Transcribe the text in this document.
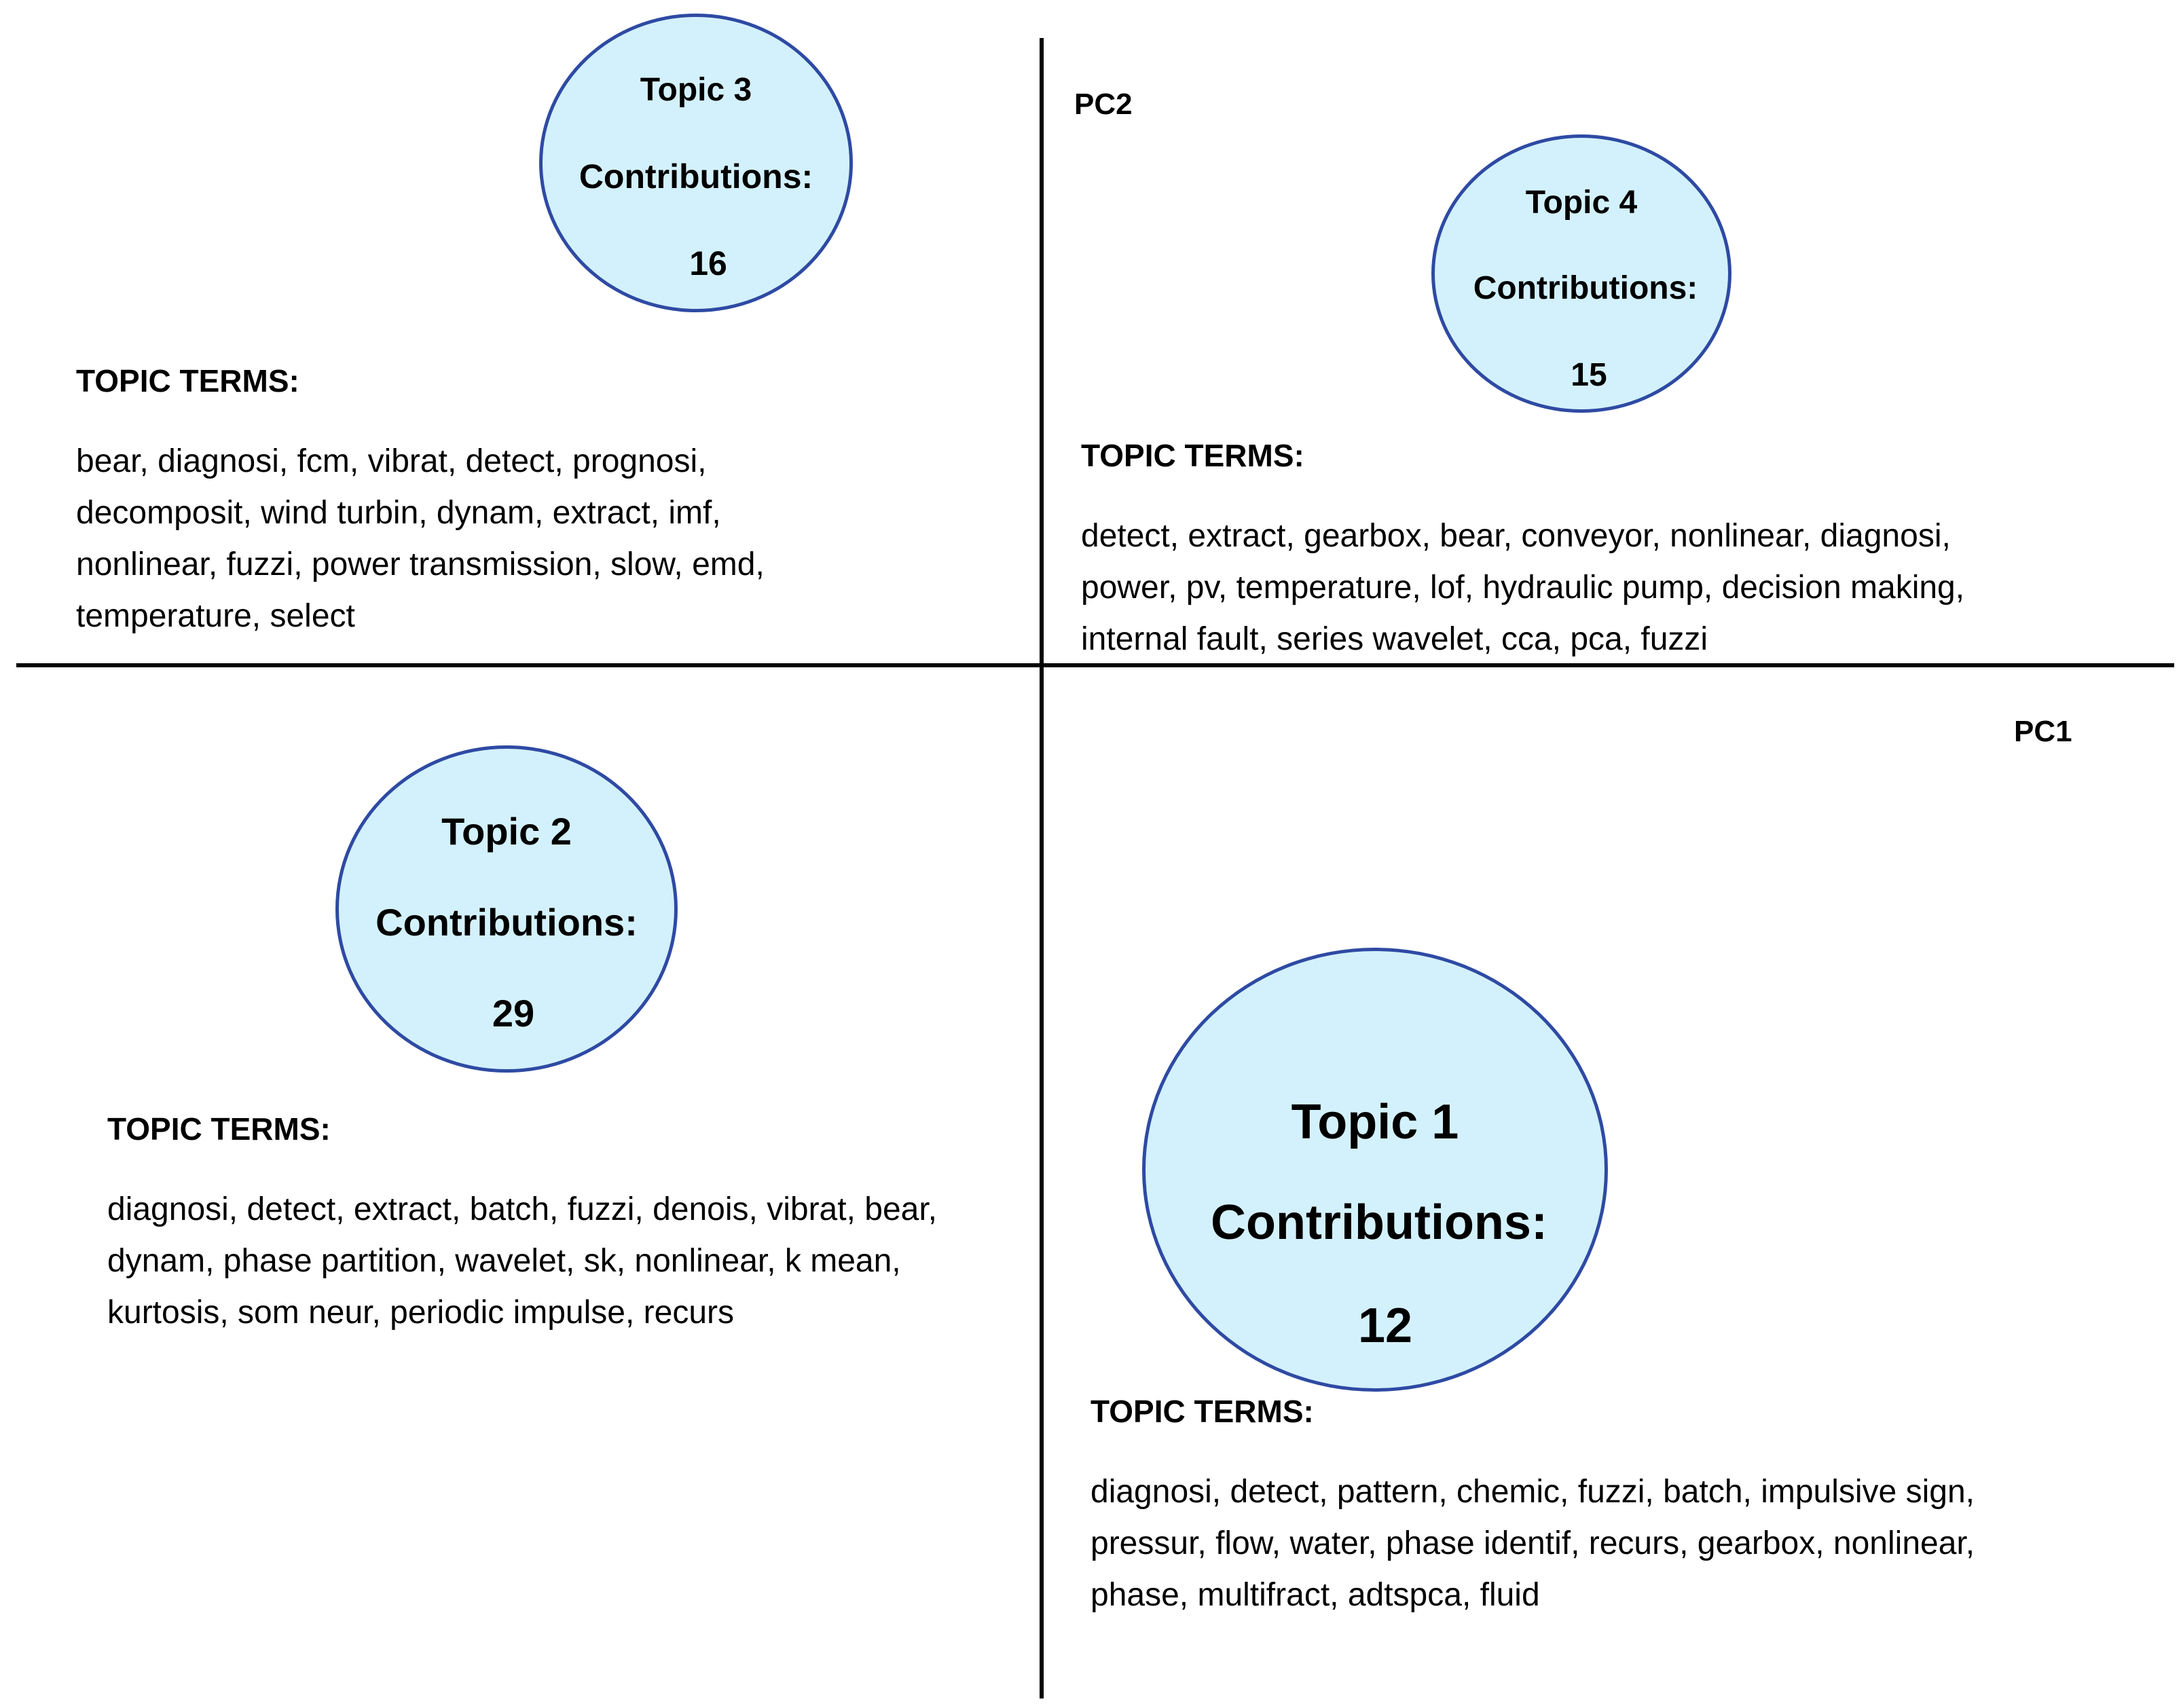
PC2
PC1
Topic 3
Contributions:
16
TOPIC TERMS:
bear, diagnosi, fcm, vibrat, detect, prognosi,
decomposit, wind turbin, dynam, extract, imf,
nonlinear, fuzzi, power transmission, slow, emd,
temperature, select
Topic 4
Contributions:
15
TOPIC TERMS:
detect, extract, gearbox, bear, conveyor, nonlinear, diagnosi,
power, pv, temperature, lof, hydraulic pump, decision making,
internal fault, series wavelet, cca, pca, fuzzi
Topic 2
Contributions:
29
TOPIC TERMS:
diagnosi, detect, extract, batch, fuzzi, denois, vibrat, bear,
dynam, phase partition, wavelet, sk, nonlinear, k mean,
kurtosis, som neur, periodic impulse, recurs
Topic 1
Contributions:
12
TOPIC TERMS:
diagnosi, detect, pattern, chemic, fuzzi, batch, impulsive sign,
pressur, flow, water, phase identif, recurs, gearbox, nonlinear,
phase, multifract, adtspca, fluid
